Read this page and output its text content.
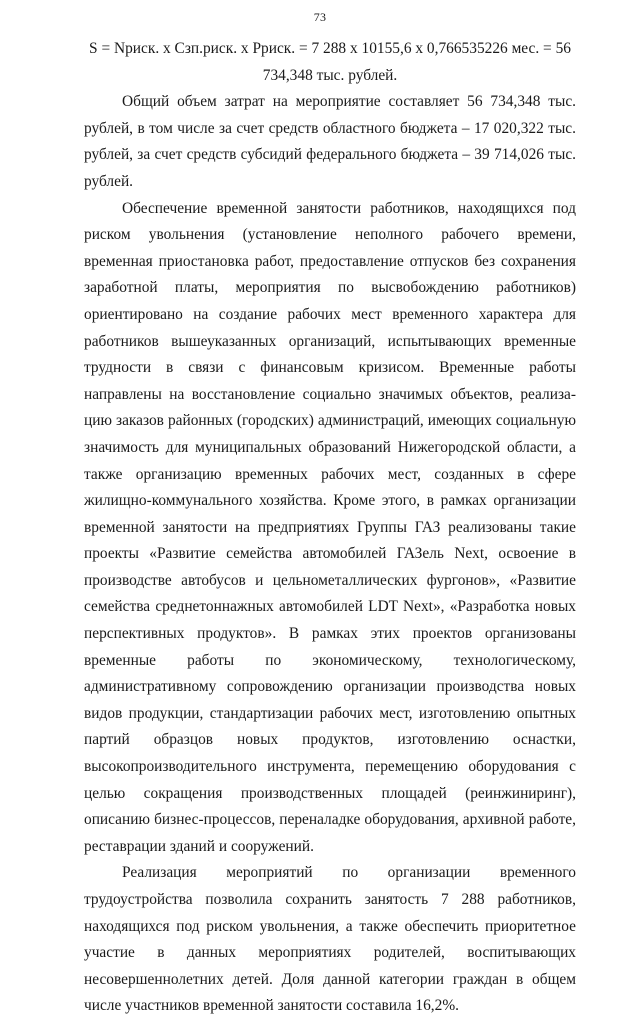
73

S = Nриск. х Сзп.риск. х Рриск. = 7 288 х 10155,6 х 0,766535226 мес. = 56

734,348 тыс. рублей.

Общий объем затрат на мероприятие составляет 56 734,348 тыс. рублей, в том числе за счет средств областного бюджета – 17 020,322 тыс. рублей, за счет средств субсидий федерального бюджета – 39 714,026 тыс. рублей.

Обеспечение временной занятости работников, находящихся под риском увольнения (установление неполного рабочего времени, временная приостановка работ, предоставление отпусков без сохранения заработной платы, мероприятия по высвобождению работников) ориентировано на создание рабочих мест временного характера для работников вышеуказанных организаций, испытывающих временные трудности в связи с финансовым кризисом. Временные работы направлены на восстановление социально значимых объектов, реализацию заказов районных (городских) администраций, имеющих социальную значимость для муниципальных образований Нижегородской области, а также организацию временных рабочих мест, созданных в сфере жилищно-коммунального хозяйства. Кроме этого, в рамках организации временной занятости на предприятиях Группы ГАЗ реализованы такие проекты «Развитие семейства автомобилей ГАЗель Next, освоение в производстве автобусов и цельнометаллических фургонов», «Развитие семейства среднетоннажных автомобилей LDT Next», «Разработка новых перспективных продуктов». В рамках этих проектов организованы временные работы по экономическому, технологическому, административному сопровождению организации производства новых видов продукции, стандартизации рабочих мест, изготовлению опытных партий образцов новых продуктов, изготовлению оснастки, высокопроизводительного инструмента, перемещению оборудования с целью сокращения производственных площадей (реинжиниринг), описанию бизнес-процессов, переналадке оборудования, архивной работе, реставрации зданий и сооружений.

Реализация мероприятий по организации временного трудоустройства позволила сохранить занятость 7 288 работников, находящихся под риском увольнения, а также обеспечить приоритетное участие в данных мероприятиях родителей, воспитывающих несовершеннолетних детей. Доля данной категории граждан в общем числе участников временной занятости составила 16,2%.
